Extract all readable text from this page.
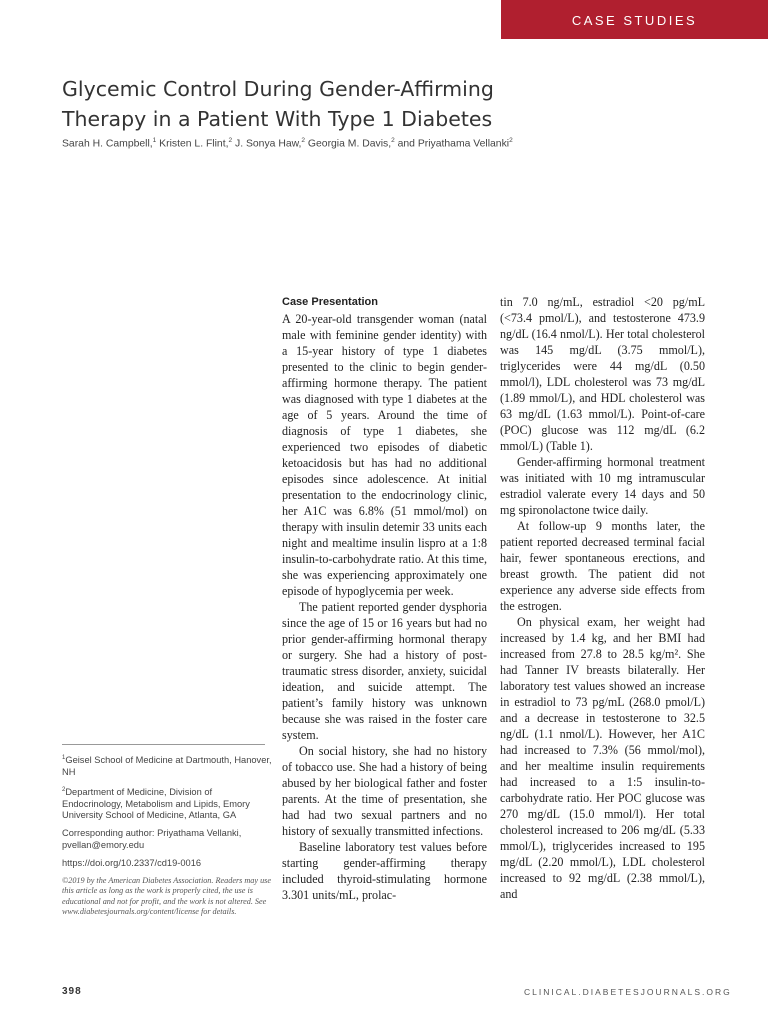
CASE STUDIES
Glycemic Control During Gender-Affirming
Therapy in a Patient With Type 1 Diabetes
Sarah H. Campbell,$^1$ Kristen L. Flint,$^2$ J. Sonya Haw,$^2$ Georgia M. Davis,$^2$ and Priyathama Vellanki$^2$
Case Presentation

A 20-year-old transgender woman (natal male with feminine gender identity) with a 15-year history of type 1 diabetes presented to the clinic to begin gender-affirming hormone therapy. The patient was diagnosed with type 1 diabetes at the age of 5 years. Around the time of diagnosis of type 1 diabetes, she experienced two episodes of diabetic ketoacidosis but has had no additional episodes since adolescence. At initial presentation to the endocrinology clinic, her A1C was 6.8% (51 mmol/mol) on therapy with insulin detemir 33 units each night and mealtime insulin lispro at a 1:8 insulin-to-carbohydrate ratio. At this time, she was experiencing approximately one episode of hypoglycemia per week.

The patient reported gender dysphoria since the age of 15 or 16 years but had no prior gender-affirming hormonal therapy or surgery. She had a history of post-traumatic stress disorder, anxiety, suicidal ideation, and suicide attempt. The patient’s family history was unknown because she was raised in the foster care system.

On social history, she had no history of tobacco use. She had a history of being abused by her biological father and foster parents. At the time of presentation, she had had two sexual partners and no history of sexually transmitted infections.

Baseline laboratory test values before starting gender-affirming therapy included thyroid-stimulating hormone 3.301 units/mL, prolac-

tin 7.0 ng/mL, estradiol <20 pg/mL (<73.4 pmol/L), and testosterone 473.9 ng/dL (16.4 nmol/L). Her total cholesterol was 145 mg/dL (3.75 mmol/L), triglycerides were 44 mg/dL (0.50 mmol/l), LDL cholesterol was 73 mg/dL (1.89 mmol/L), and HDL cholesterol was 63 mg/dL (1.63 mmol/L). Point-of-care (POC) glucose was 112 mg/dL (6.2 mmol/L) (Table 1).

Gender-affirming hormonal treatment was initiated with 10 mg intramuscular estradiol valerate every 14 days and 50 mg spironolactone twice daily.

At follow-up 9 months later, the patient reported decreased terminal facial hair, fewer spontaneous erections, and breast growth. The patient did not experience any adverse side effects from the estrogen.

On physical exam, her weight had increased by 1.4 kg, and her BMI had increased from 27.8 to 28.5 kg/m². She had Tanner IV breasts bilaterally. Her laboratory test values showed an increase in estradiol to 73 pg/mL (268.0 pmol/L) and a decrease in testosterone to 32.5 ng/dL (1.1 nmol/L). However, her A1C had increased to 7.3% (56 mmol/mol), and her mealtime insulin requirements had increased to a 1:5 insulin-to-carbohydrate ratio. Her POC glucose was 270 mg/dL (15.0 mmol/l). Her total cholesterol increased to 206 mg/dL (5.33 mmol/L), triglycerides increased to 195 mg/dL (2.20 mmol/L), LDL cholesterol increased to 92 mg/dL (2.38 mmol/L), and

$^1$Geisel School of Medicine at Dartmouth, Hanover, NH

$^2$Department of Medicine, Division of Endocrinology, Metabolism and Lipids, Emory University School of Medicine, Atlanta, GA

Corresponding author: Priyathama Vellanki, pvellan@emory.edu

https://doi.org/10.2337/cd19-0016

©2019 by the American Diabetes Association. Readers may use this article as long as the work is properly cited, the use is educational and not for profit, and the work is not altered. See www.diabetesjournals.org/content/license for details.

398	CLINICAL.DIABETESJOURNALS.ORG
